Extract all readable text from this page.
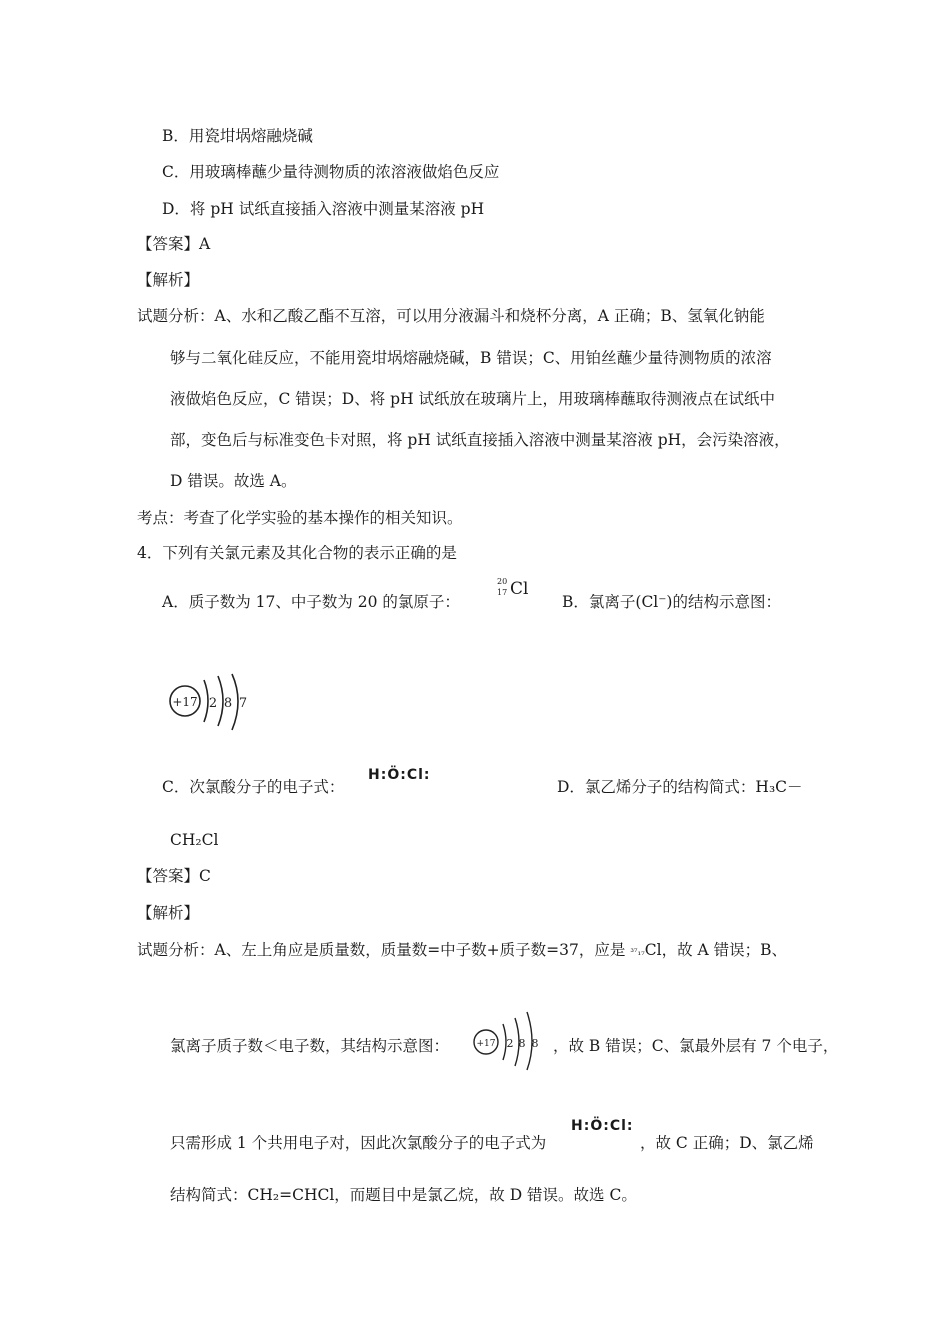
B．用瓷坩埚熔融烧碱
C．用玻璃棒蘸少量待测物质的浓溶液做焰色反应
D．将 pH 试纸直接插入溶液中测量某溶液 pH
【答案】A
【解析】
试题分析：A、水和乙酸乙酯不互溶，可以用分液漏斗和烧杯分离，A 正确；B、氢氧化钠能
够与二氧化硅反应，不能用瓷坩埚熔融烧碱，B 错误；C、用铂丝蘸少量待测物质的浓溶
液做焰色反应，C 错误；D、将 pH 试纸放在玻璃片上，用玻璃棒蘸取待测液点在试纸中
部，变色后与标准变色卡对照，将 pH 试纸直接插入溶液中测量某溶液 pH，会污染溶液，
D 错误。故选 A。
考点：考查了化学实验的基本操作的相关知识。
4．下列有关氯元素及其化合物的表示正确的是
A．质子数为 17、中子数为 20 的氯原子：
20
17 Cl
B．氯离子(Cl⁻)的结构示意图：
+17 2 8 7
C．次氯酸分子的电子式：
H:Ö:Cl:
D．氯乙烯分子的结构简式：H₃C－
CH₂Cl
【答案】C
【解析】
试题分析：A、左上角应是质量数，质量数=中子数+质子数=37，应是 ³⁷₁₇Cl，故 A 错误；B、
氯离子质子数＜电子数，其结构示意图：	+17 2 8 8 ，故 B 错误；C、氯最外层有 7 个电子，
只需形成 1 个共用电子对，因此次氯酸分子的电子式为
H:Ö:Cl:
，故 C 正确；D、氯乙烯
结构简式：CH₂=CHCl，而题目中是氯乙烷，故 D 错误。故选 C。
